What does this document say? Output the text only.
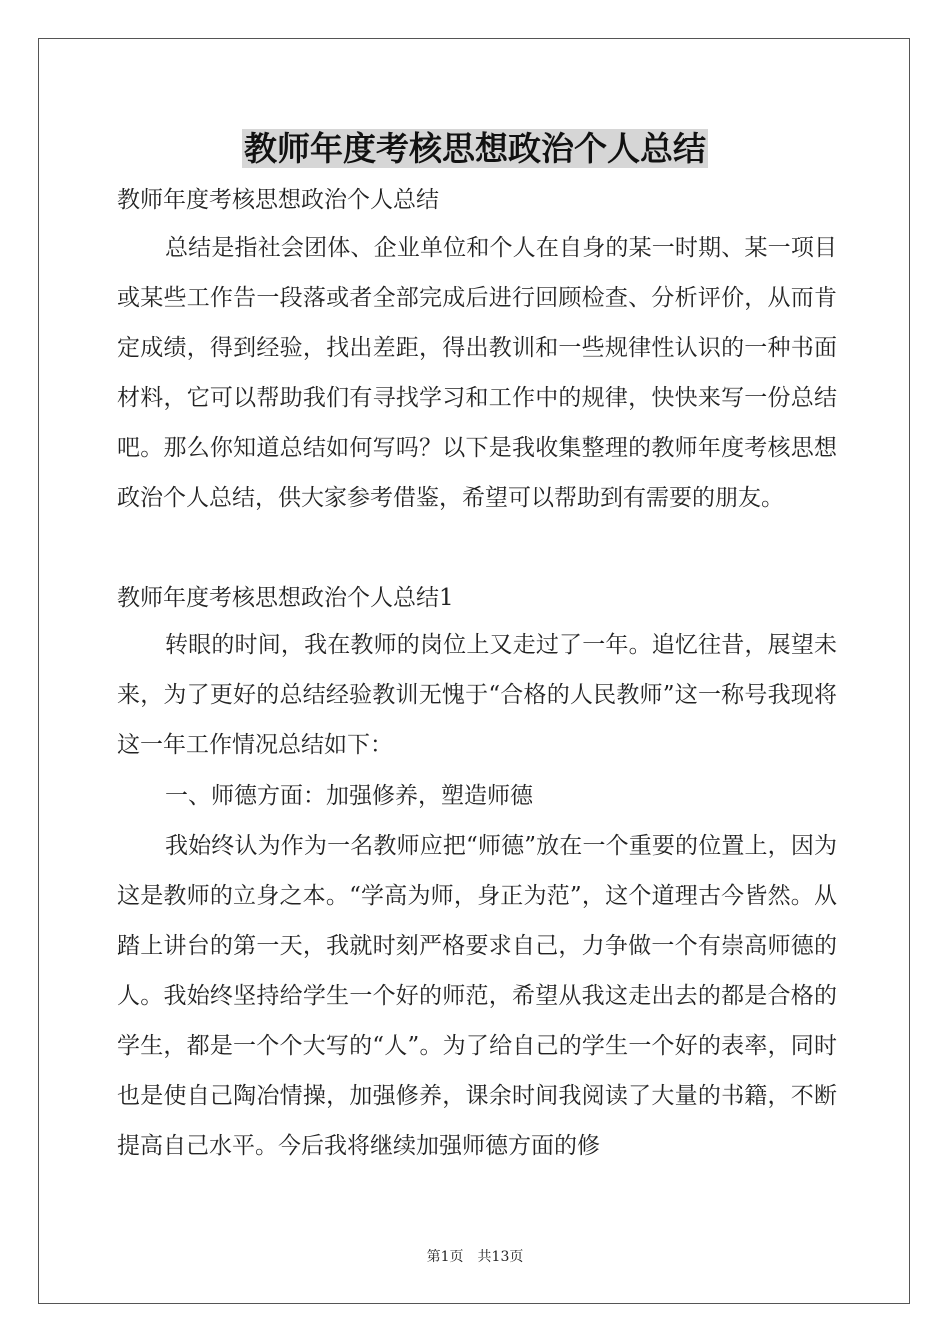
教师年度考核思想政治个人总结
教师年度考核思想政治个人总结
总结是指社会团体、企业单位和个人在自身的某一时期、某一项目或某些工作告一段落或者全部完成后进行回顾检查、分析评价，从而肯定成绩，得到经验，找出差距，得出教训和一些规律性认识的一种书面材料，它可以帮助我们有寻找学习和工作中的规律，快快来写一份总结吧。那么你知道总结如何写吗？以下是我收集整理的教师年度考核思想政治个人总结，供大家参考借鉴，希望可以帮助到有需要的朋友。
教师年度考核思想政治个人总结1
转眼的时间，我在教师的岗位上又走过了一年。追忆往昔，展望未来，为了更好的总结经验教训无愧于“合格的人民教师”这一称号我现将这一年工作情况总结如下：
一、师德方面：加强修养，塑造师德
我始终认为作为一名教师应把“师德”放在一个重要的位置上，因为这是教师的立身之本。“学高为师，身正为范”，这个道理古今皆然。从踏上讲台的第一天，我就时刻严格要求自己，力争做一个有崇高师德的人。我始终坚持给学生一个好的师范，希望从我这走出去的都是合格的学生，都是一个个大写的“人”。为了给自己的学生一个好的表率，同时也是使自己陶冶情操，加强修养，课余时间我阅读了大量的书籍，不断提高自己水平。今后我将继续加强师德方面的修
第1页　共13页
